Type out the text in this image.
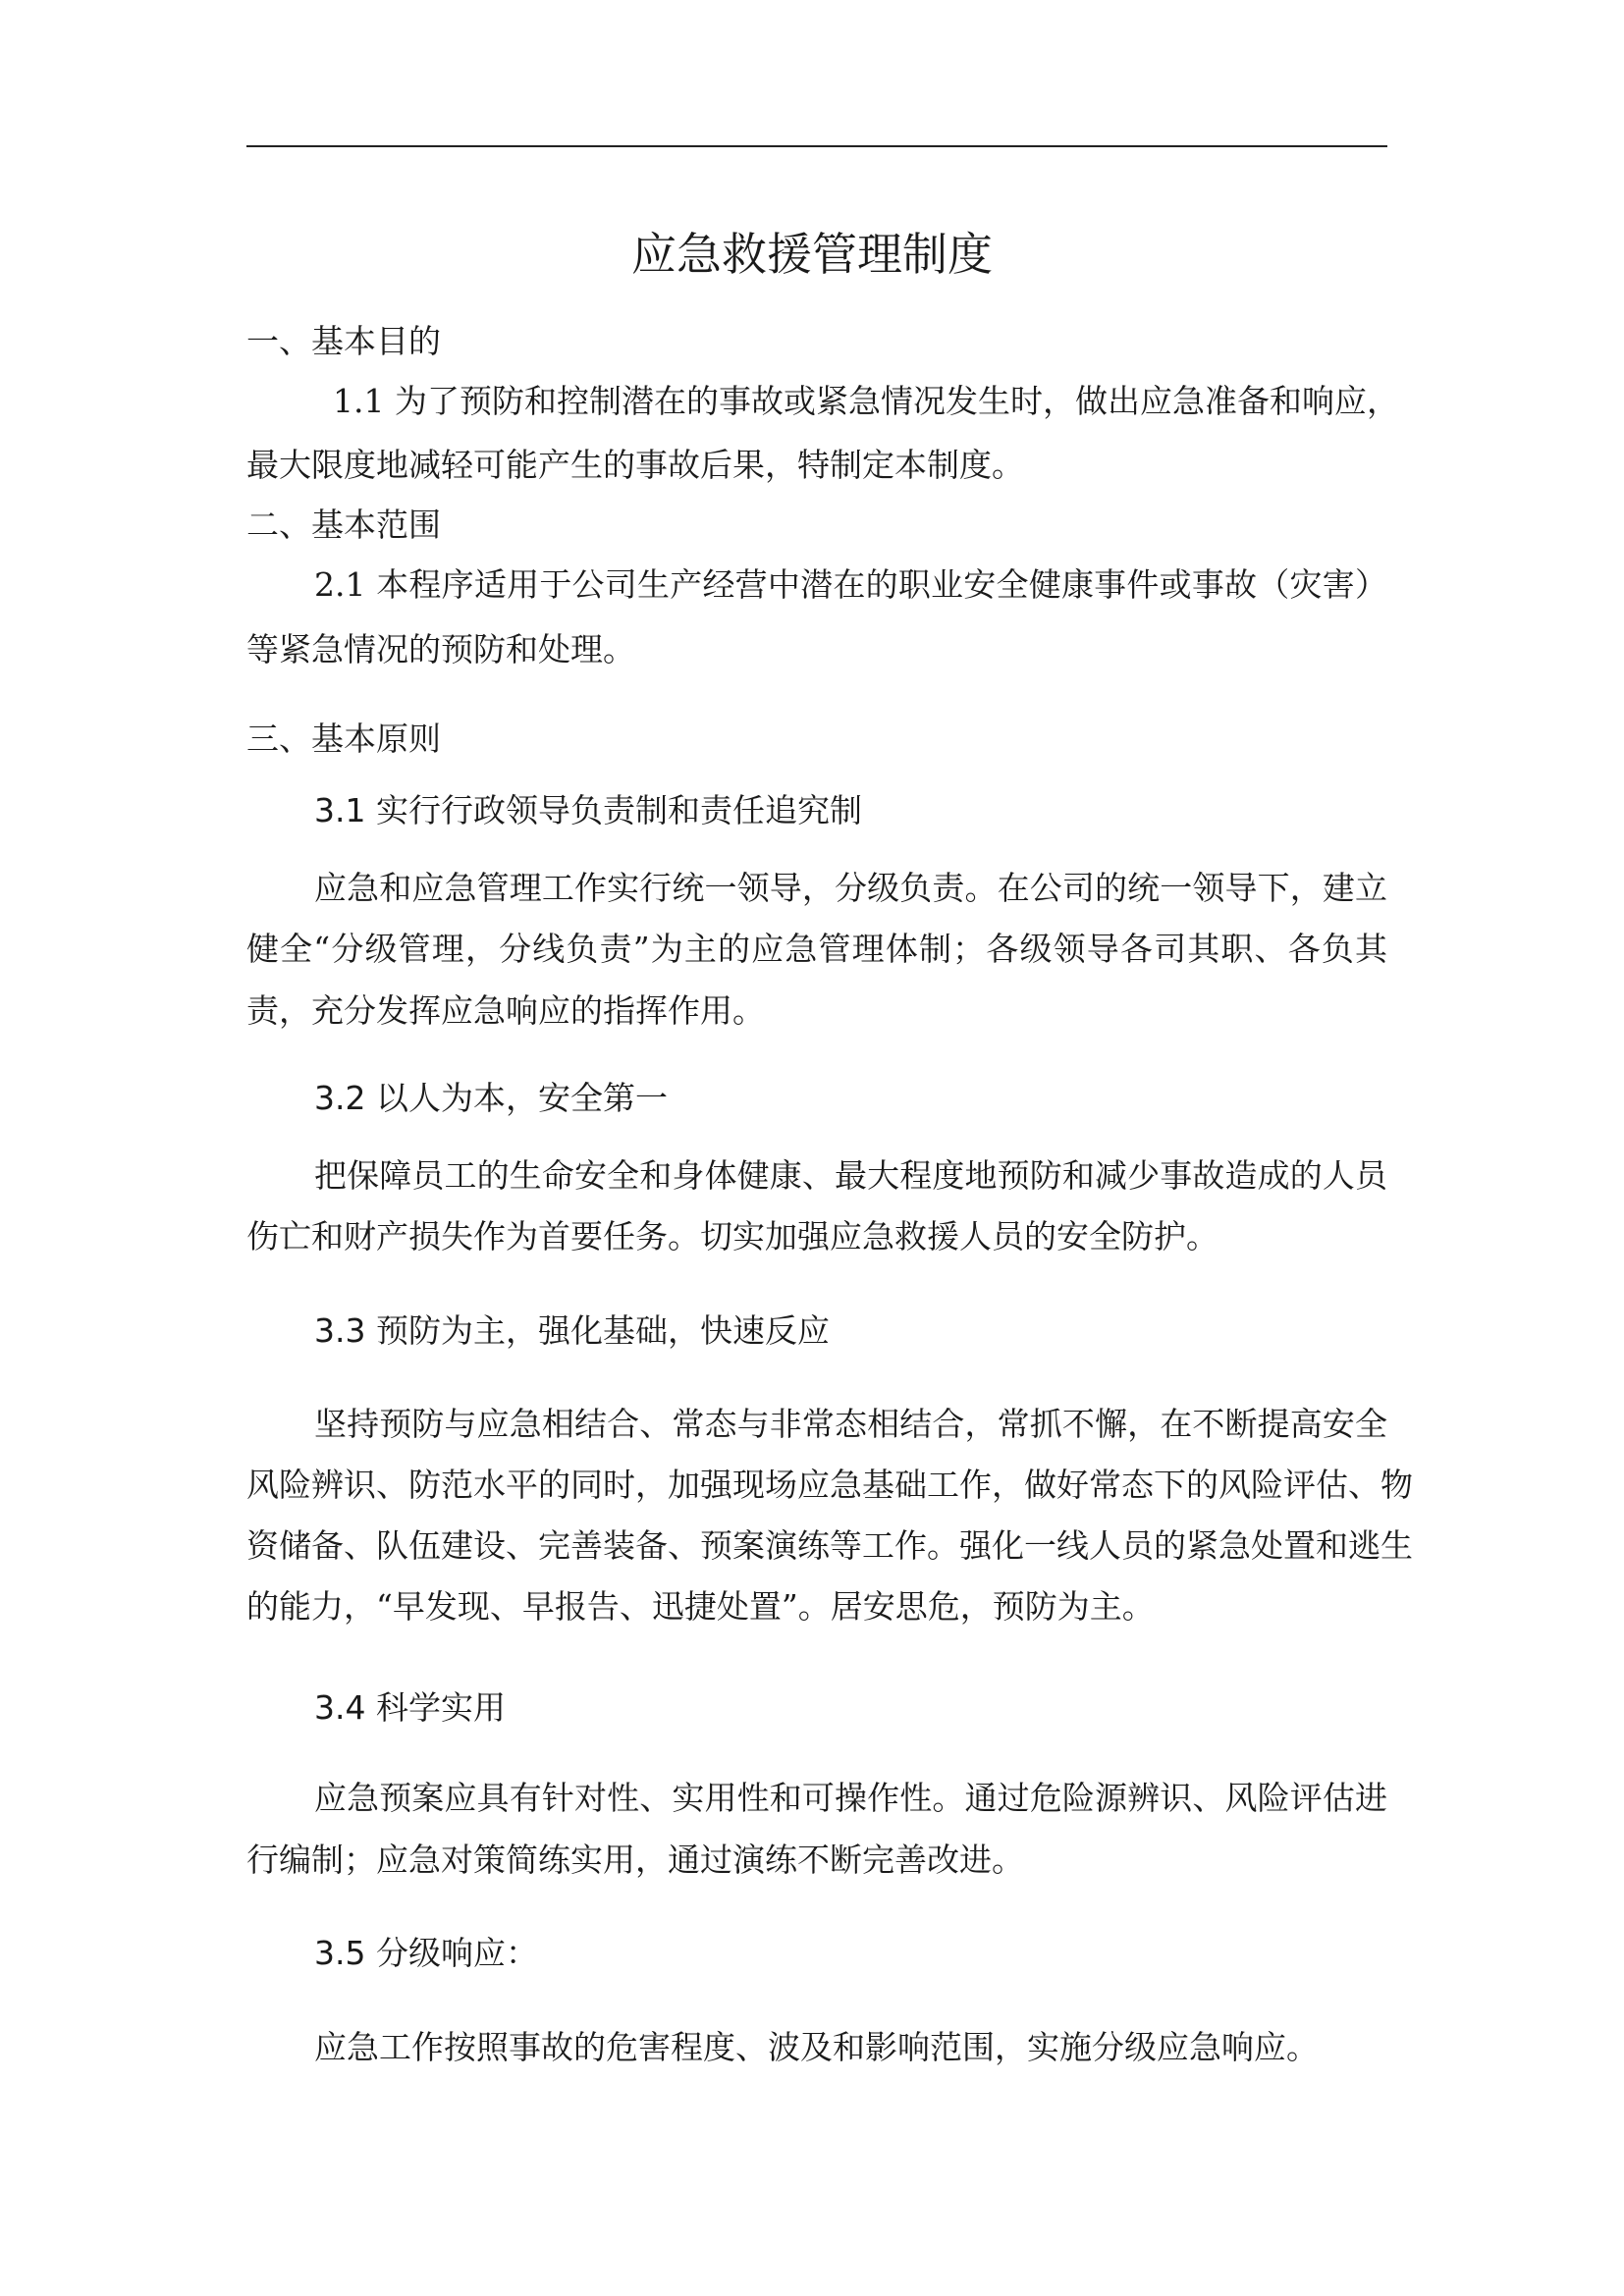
应急救援管理制度
一、基本目的
1.1 为了预防和控制潜在的事故或紧急情况发生时，做出应急准备和响应，
最大限度地减轻可能产生的事故后果，特制定本制度。
二、基本范围
2.1 本程序适用于公司生产经营中潜在的职业安全健康事件或事故（灾害）
等紧急情况的预防和处理。
三、基本原则
3.1 实行行政领导负责制和责任追究制
应急和应急管理工作实行统一领导，分级负责。在公司的统一领导下，建立
健全“分级管理，分线负责”为主的应急管理体制；各级领导各司其职、各负其
责，充分发挥应急响应的指挥作用。
3.2 以人为本，安全第一
把保障员工的生命安全和身体健康、最大程度地预防和减少事故造成的人员
伤亡和财产损失作为首要任务。切实加强应急救援人员的安全防护。
3.3 预防为主，强化基础，快速反应
坚持预防与应急相结合、常态与非常态相结合，常抓不懈，在不断提高安全
风险辨识、防范水平的同时，加强现场应急基础工作，做好常态下的风险评估、物
资储备、队伍建设、完善装备、预案演练等工作。强化一线人员的紧急处置和逃生
的能力，“早发现、早报告、迅捷处置”。居安思危，预防为主。
3.4 科学实用
应急预案应具有针对性、实用性和可操作性。通过危险源辨识、风险评估进
行编制；应急对策简练实用，通过演练不断完善改进。
3.5 分级响应：
应急工作按照事故的危害程度、波及和影响范围，实施分级应急响应。
